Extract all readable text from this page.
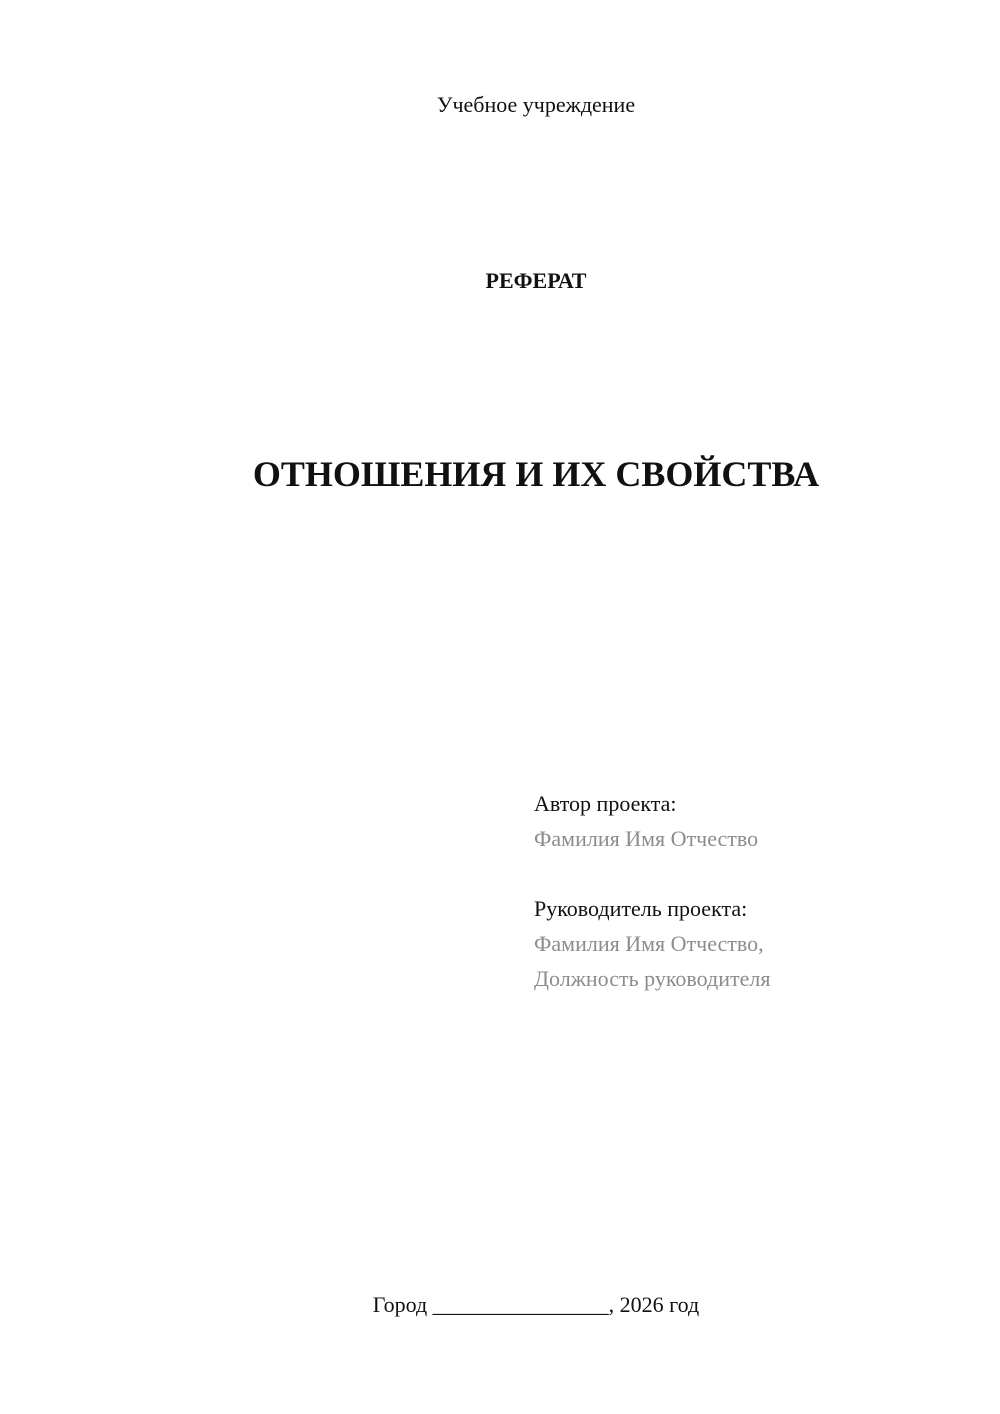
Учебное учреждение
РЕФЕРАТ
ОТНОШЕНИЯ И ИХ СВОЙСТВА
Автор проекта:
Фамилия Имя Отчество
Руководитель проекта:
Фамилия Имя Отчество,
Должность руководителя
Город ________________, 2026 год
